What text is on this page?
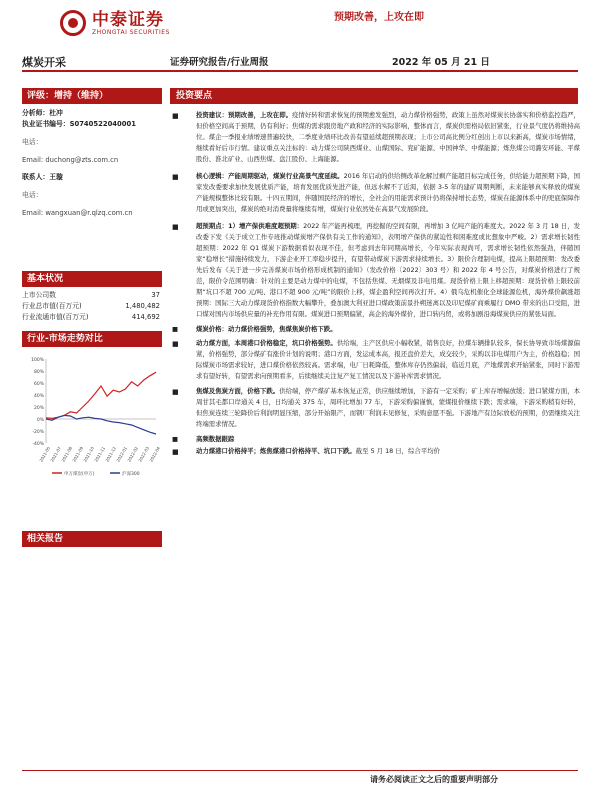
中泰证券
ZHONGTAI SECURITIES
预期改善，上攻在即
煤炭开采	证券研究报告/行业周报	2022 年 05 月 21 日
评级：增持（维持）
分析师： 杜冲
执业证书编号： S0740522040001
电话：
Email: duchong@zts.com.cn
联系人： 王璇
电话：
Email: wangxuan@r.qlzq.com.cn
基本状况
上市公司数	37
行业总市值(百万元)	1,480,482
行业流通市值(百万元)	414,692
行业-市场走势对比
100%
80%
60%
40%
20%
0%
-20%
-40%
2021-05
2021-07
2021-08
2021-09
2021-10
2021-11
2021-12
2022-01
2022-02
2022-03
2022-04
申万煤炭(申万)	沪深300
相关报告
投资要点
■	投资建议：预期改善，上攻在即。疫情好转和需求恢复的预期愈发强烈，动力煤价格强势，政策上虽然对煤炭长协落实和价格监控趋严，但价格空间高于预期，仍有利好；焦煤的需求跟房地产政和经济的实际影响，整体而言，煤炭供需格局依旧紧张，行业景气度仍将维持高位。煤企一季报业绩增速普遍较快，二季度业绩环比改善有望延续超预期表现；上市公司高比例分红创出上市以来新高，煤炭市场情绪，继续看好后市行情。建议重点关注标的：动力煤公司陕西煤业、山煤国际、兖矿能源、中国神华、中煤能源；炼焦煤公司潞安环能、平煤股份、淮北矿业、山西焦煤、盘江股份、上海能源。
■	核心逻辑：产能周期驱动，煤炭行业高景气度延续。2016 年启动的供给侧改革化解过剩产能超目标完成任务，供给能力超预期下降，国家发改委要求加快发展优质产能，培育发展优质先进产能，但远水解不了近渴，依据 3-5 年的建矿周期判断，未来能够真实释放的煤炭产能规模整体比较有限。十四五期间，伴随国民经济的增长，全社会的用能需求预计仍将保持增长态势，煤炭在能源体系中的兜底保障作用或更加突出，煤炭的绝对消费量将继续有增，煤炭行业依然处在高景气发展阶段。
■	超预期点：1）增产保供难度超预期：2022 年产能再梳理，再挖掘的空间有限，再增加 3 亿吨产能的难度大。2022 年 3 月 18 日，发改委下发《关于成立工作专班推动煤炭增产保供有关工作的通知》，表明增产保供的紧迫性和困难度或比想象中严峻。2）需求增长韧性超预期：2022 年 Q1 煤炭下游数据看似表现不佳，但考虑到去年同期高增长，今年实际表现尚可，需求增长韧性依然强劲，伴随国家“稳增长”措施持续发力，下游企业开工率稳步提升，有望带动煤炭下游需求持续增长。3）限价合理制电煤，提高上限超预期：发改委先后发布《关于进一步完善煤炭市场价格形成机制的通知》（发改价格〔2022〕303 号）和 2022 年 4 号公告，对煤炭价格进行了规范，限价令范围明确：针对的主要是动力煤中的电煤，不包括焦煤、无烟煤及非电用煤。现货价格上限上移超预期：现货价格上限较前期“坑口不超 700 元/吨、港口不超 900 元/吨”的限价上移，煤企盈利空间再次打开。4）俄乌危机催化全球能源危机，海外煤价飙涨超预期：国际三大动力煤现货价格指数大幅攀升，叠加澳大利亚进口煤政策前景扑朔迷离以及印尼煤矿商乘履行 DMO 带来的出口受阻，进口煤对国内市场供应量的补充作用有限。煤炭进口预期偏紧，高企的海外煤价，进口转内贸，或将加剧沿海煤炭供应的紧张局面。
■	煤炭价格：动力煤价格强势，焦煤焦炭价格下跌。
■	动力煤方面，本周港口价格稳定，坑口价格强势。供给端，主产区供应小幅收紧，销售良好，拉煤车辆排队较多，保长协导致市场煤源偏紧，价格强势，部分煤矿有涨价计划的说明；港口方面，发运成本高，报还盘价差大，成交较少，采购以非电煤用户为主，价格趋稳；国际煤炭市场需求较好，进口煤价格依然较高。需求端，电厂日耗降低，整体库存仍然偏弱，临近月底，产地煤需求开始紧张，同时下游需求有望好转，有望需求向预期看多，后续继续关注复产复工情况以及下游补库需求情况。
■	焦煤及焦炭方面，价格下跌。供给端，停产煤矿基本恢复正常，供应继续增加，下游有一定采购；矿上库存增幅放缓；进口紧煤方面，本周甘其毛都口岸通关 4 日，日均通关 375 车，周环比增加 77 车，下游采购偏谨慎，蒙煤报价继续下跌；需求端，下游采购稍有好转，但焦炭连续三轮降价后利润明显压缩，部分开始限产，而钢厂利润未见修复，采购意愿不强。下游地产有边际放松的预期，仍需继续关注终端需求情况。
■	高频数据跟踪
■	动力煤港口价格持平；炼焦煤港口价格持平、坑口下跌。截至 5 月 18 日，综合平均价
请务必阅读正文之后的重要声明部分
